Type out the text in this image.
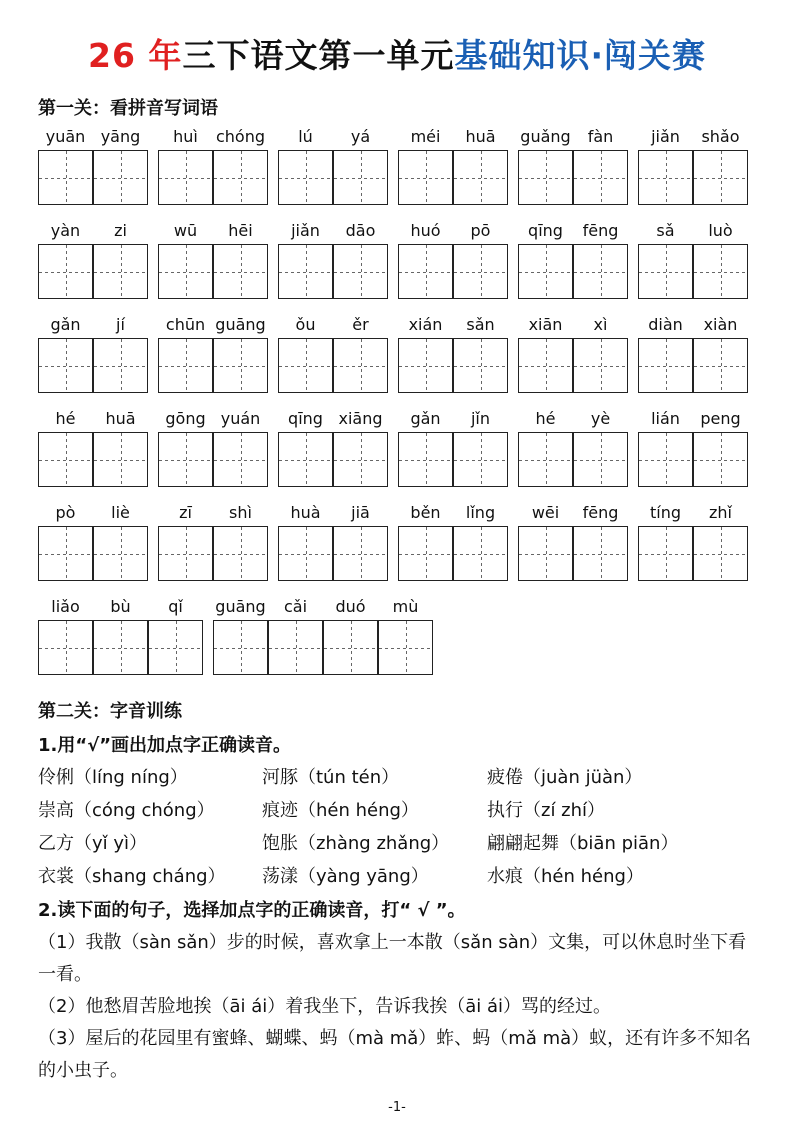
26 年三下语文第一单元基础知识·闯关赛
第一关：看拼音写词语
yuān yāng	huì	chóng	lú	yá	méi	huā	guǎng	fàn	jiǎn	shǎo
yàn	zi	wū	hēi	jiǎn	dāo	huó	pō	qīng	fēng	sǎ	luò
gǎn	jí	chūn guāng	ǒu	ěr	xián	sǎn	xiān	xì	diàn	xiàn
hé	huā	gōng yuán	qīng xiāng	gǎn	jǐn	hé	yè	lián	peng
pò	liè	zī	shì	huà	jiā	běn	lǐng	wēi	fēng	tíng	zhǐ
liǎo	bù	qǐ	guāng	cǎi	duó	mù
第二关：字音训练
1.用“√”画出加点字正确读音。
伶俐（líng níng）	河豚（tún tén）	疲倦（juàn jüàn）
崇高（cóng chóng）	痕迹（hén héng）	执行（zí zhí）
乙方（yǐ yì）	饱胀（zhàng zhǎng） 翩翩起舞（biān piān）
衣裳（shang cháng） 荡漾（yàng yāng）	水痕（hén héng）
2.读下面的句子，选择加点字的正确读音，打“ √ ”。
（1）我散（sàn sǎn）步的时候，喜欢拿上一本散（sǎn sàn）文集，可以休息时坐下看一看。
（2）他愁眉苦脸地挨（āi ái）着我坐下，告诉我挨（āi ái）骂的经过。
（3）屋后的花园里有蜜蜂、蝴蝶、蚂（mà mǎ）蚱、蚂（mǎ mà）蚁，还有许多不知名的小虫子。
-1-
